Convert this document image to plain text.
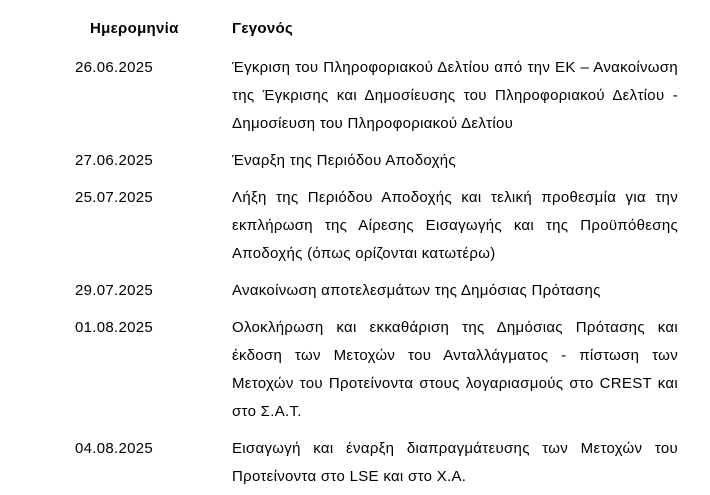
Ημερομηνία	Γεγονός
26.06.2025	Έγκριση του Πληροφοριακού Δελτίου από την ΕΚ – Ανακοίνωση της Έγκρισης και Δημοσίευσης του Πληροφοριακού Δελτίου - Δημοσίευση του Πληροφοριακού Δελτίου
27.06.2025	Έναρξη της Περιόδου Αποδοχής
25.07.2025	Λήξη της Περιόδου Αποδοχής και τελική προθεσμία για την εκπλήρωση της Αίρεσης Εισαγωγής και της Προϋπόθεσης Αποδοχής (όπως ορίζονται κατωτέρω)
29.07.2025	Ανακοίνωση αποτελεσμάτων της Δημόσιας Πρότασης
01.08.2025	Ολοκλήρωση και εκκαθάριση της Δημόσιας Πρότασης και έκδοση των Μετοχών του Ανταλλάγματος - πίστωση των Μετοχών του Προτείνοντα στους λογαριασμούς στο CREST και στο Σ.Α.Τ.
04.08.2025	Εισαγωγή και έναρξη διαπραγμάτευσης των Μετοχών του Προτείνοντα στο LSE και στο Χ.Α.
